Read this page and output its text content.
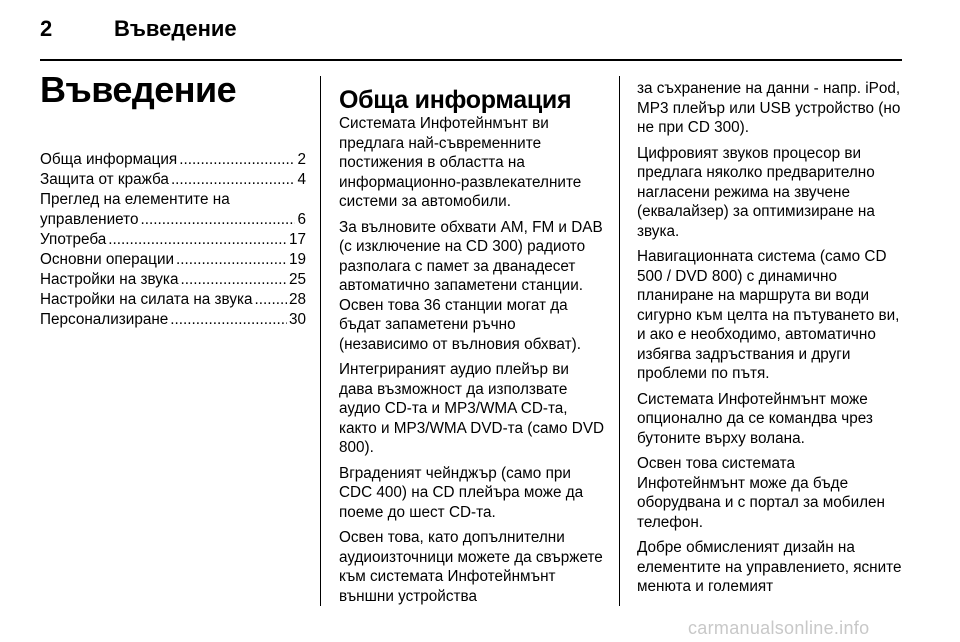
2	Въведение
Въведение
Обща информация .....	2
Защита от кражба .....	4
Преглед на елементите на
управлението .....	6
Употреба .....	17
Основни операции .....	19
Настройки на звука .....	25
Настройки на силата на звука ..... 28
Персонализиране .....	30
Обща информация

Системата Инфотейнмънт ви предлага най-съвременните постижения в областта на информационно-развлекателните системи за автомобили.

За вълновите обхвати AM, FM и DAB (с изключение на CD 300) радиото разполага с памет за дванадесет автоматично запаметени станции. Освен това 36 станции могат да бъдат запаметени ръчно (независимо от вълновия обхват).

Интегрираният аудио плейър ви дава възможност да използвате аудио CD-та и MP3/WMA CD-та, както и MP3/WMA DVD-та (само DVD 800).

Вграденият чейнджър (само при CDC 400) на CD плейъра може да поеме до шест CD-та.

Освен това, като допълнителни аудиоизточници можете да свържете към системата Инфотейнмънт външни устройства

за съхранение на данни - напр. iPod, MP3 плейър или USB устройство (но не при CD 300).

Цифровият звуков процесор ви предлага няколко предварително нагласени режима на звучене (еквалайзер) за оптимизиране на звука.

Навигационната система (само CD 500 / DVD 800) с динамично планиране на маршрута ви води сигурно към целта на пътуването ви, и ако е необходимо, автоматично избягва задръствания и други проблеми по пътя.

Системата Инфотейнмънт може опционално да се командва чрез бутоните върху волана.

Освен това системата Инфотейнмънт може да бъде оборудвана и с портал за мобилен телефон.

Добре обмисленият дизайн на елементите на управлението, ясните менюта и големият

carmanualsonline.info
